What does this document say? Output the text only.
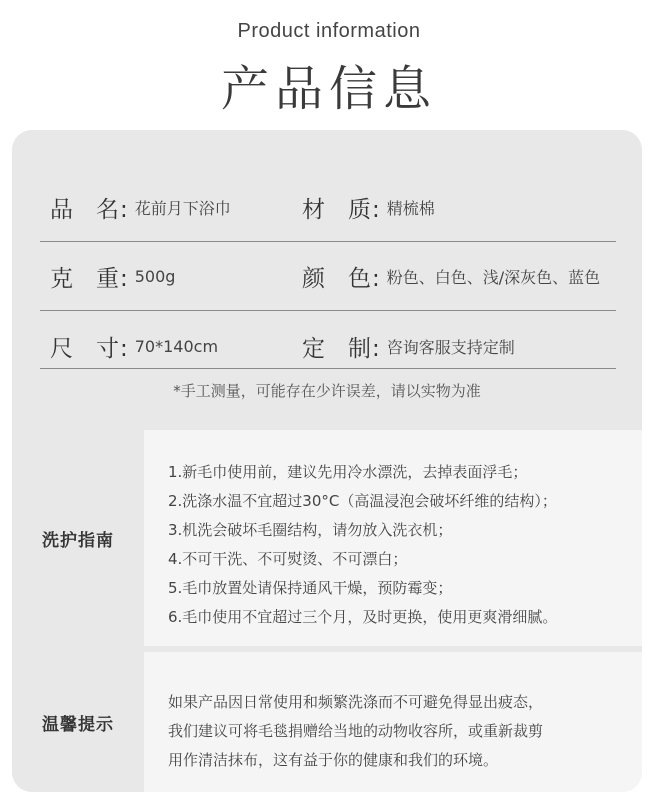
Product information
产品信息
品 名: 花前月下浴巾	材 质: 精梳棉
克 重: 500g	颜 色: 粉色、白色、浅/深灰色、蓝色
尺 寸: 70*140cm	定 制: 咨询客服支持定制
*手工测量，可能存在少许误差，请以实物为准
洗护指南
1.新毛巾使用前，建议先用冷水漂洗，去掉表面浮毛；
2.洗涤水温不宜超过30°C（高温浸泡会破坏纤维的结构）；
3.机洗会破坏毛圈结构，请勿放入洗衣机；
4.不可干洗、不可熨烫、不可漂白；
5.毛巾放置处请保持通风干燥，预防霉变；
6.毛巾使用不宜超过三个月，及时更换，使用更爽滑细腻。
温馨提示
如果产品因日常使用和频繁洗涤而不可避免得显出疲态，
我们建议可将毛毯捐赠给当地的动物收容所，或重新裁剪
用作清洁抹布，这有益于你的健康和我们的环境。
